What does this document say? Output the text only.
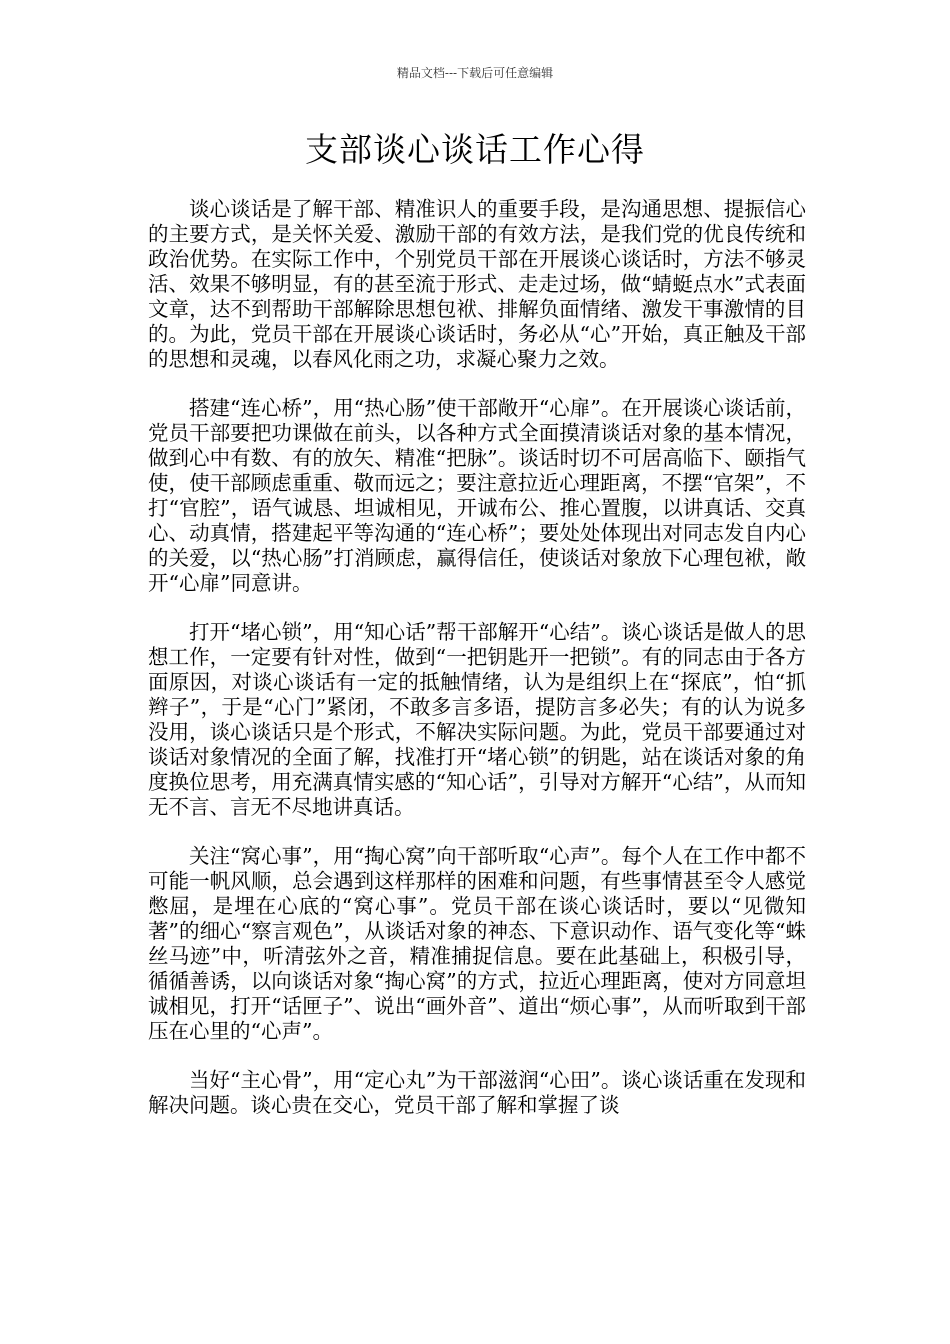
精品文档---下载后可任意编辑
支部谈心谈话工作心得

谈心谈话是了解干部、精准识人的重要手段，是沟通思想、提振信心的主要方式，是关怀关爱、激励干部的有效方法，是我们党的优良传统和政治优势。在实际工作中，个别党员干部在开展谈心谈话时，方法不够灵活、效果不够明显，有的甚至流于形式、走走过场，做“蜻蜓点水”式表面文章，达不到帮助干部解除思想包袱、排解负面情绪、激发干事激情的目的。为此，党员干部在开展谈心谈话时，务必从“心”开始，真正触及干部的思想和灵魂，以春风化雨之功，求凝心聚力之效。

搭建“连心桥”，用“热心肠”使干部敞开“心扉”。在开展谈心谈话前，党员干部要把功课做在前头，以各种方式全面摸清谈话对象的基本情况，做到心中有数、有的放矢、精准“把脉”。谈话时切不可居高临下、颐指气使，使干部顾虑重重、敬而远之；要注意拉近心理距离，不摆“官架”，不打“官腔”，语气诚恳、坦诚相见，开诚布公、推心置腹，以讲真话、交真心、动真情，搭建起平等沟通的“连心桥”；要处处体现出对同志发自内心的关爱，以“热心肠”打消顾虑，赢得信任，使谈话对象放下心理包袱，敞开“心扉”同意讲。

打开“堵心锁”，用“知心话”帮干部解开“心结”。谈心谈话是做人的思想工作，一定要有针对性，做到“一把钥匙开一把锁”。有的同志由于各方面原因，对谈心谈话有一定的抵触情绪，认为是组织上在“探底”，怕“抓辫子”，于是“心门”紧闭，不敢多言多语，提防言多必失；有的认为说多没用，谈心谈话只是个形式，不解决实际问题。为此，党员干部要通过对谈话对象情况的全面了解，找准打开“堵心锁”的钥匙，站在谈话对象的角度换位思考，用充满真情实感的“知心话”，引导对方解开“心结”，从而知无不言、言无不尽地讲真话。

关注“窝心事”，用“掏心窝”向干部听取“心声”。每个人在工作中都不可能一帆风顺，总会遇到这样那样的困难和问题，有些事情甚至令人感觉憋屈，是埋在心底的“窝心事”。党员干部在谈心谈话时，要以“见微知著”的细心“察言观色”，从谈话对象的神态、下意识动作、语气变化等“蛛丝马迹”中，听清弦外之音，精准捕捉信息。要在此基础上，积极引导，循循善诱，以向谈话对象“掏心窝”的方式，拉近心理距离，使对方同意坦诚相见，打开“话匣子”、说出“画外音”、道出“烦心事”，从而听取到干部压在心里的“心声”。

当好“主心骨”，用“定心丸”为干部滋润“心田”。谈心谈话重在发现和解决问题。谈心贵在交心，党员干部了解和掌握了谈
